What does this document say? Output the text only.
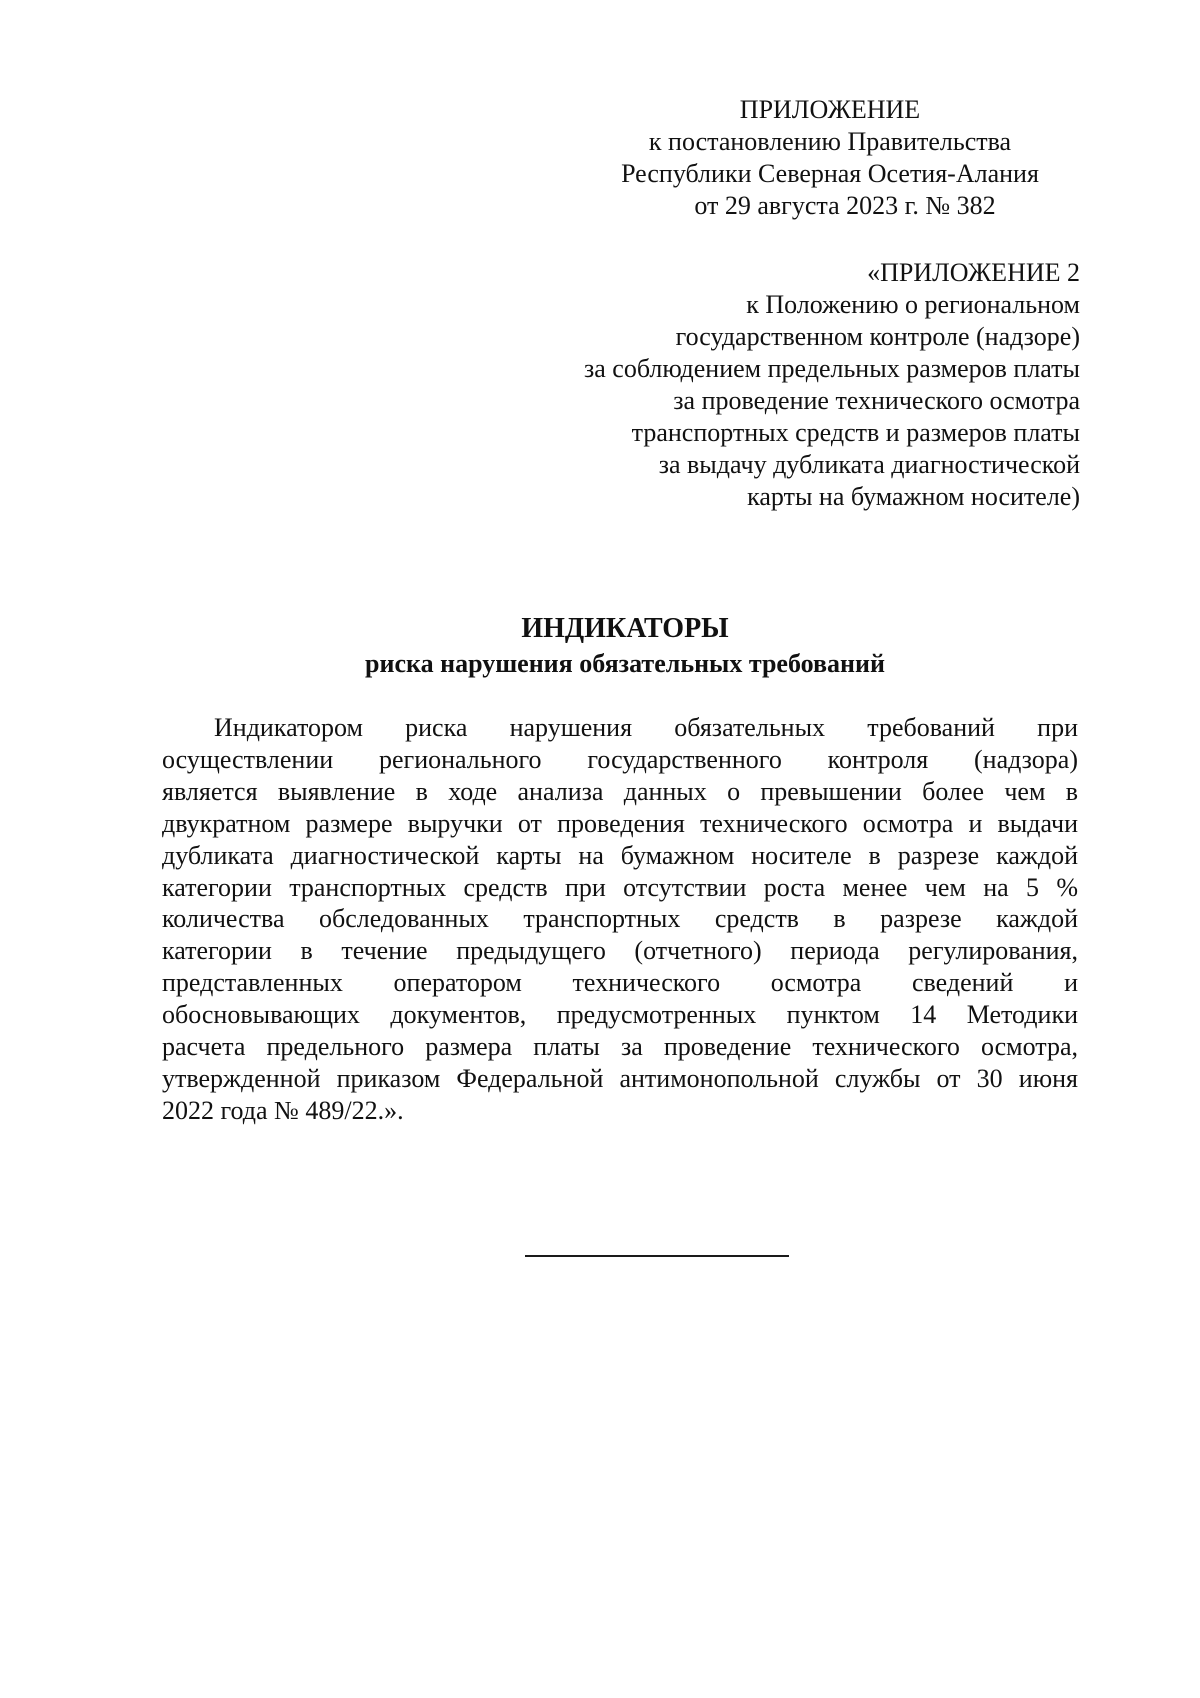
ПРИЛОЖЕНИЕ
к постановлению Правительства
Республики Северная Осетия-Алания
от 29 августа 2023 г. № 382
«ПРИЛОЖЕНИЕ 2
к Положению о региональном
государственном контроле (надзоре)
за соблюдением предельных размеров платы
за проведение технического осмотра
транспортных средств и размеров платы
за выдачу дубликата диагностической
карты на бумажном носителе)
ИНДИКАТОРЫ
риска нарушения обязательных требований
Индикатором риска нарушения обязательных требований при
осуществлении регионального государственного контроля (надзора)
является выявление в ходе анализа данных о превышении более чем в
двукратном размере выручки от проведения технического осмотра и выдачи
дубликата диагностической карты на бумажном носителе в разрезе каждой
категории транспортных средств при отсутствии роста менее чем на 5 %
количества обследованных транспортных средств в разрезе каждой
категории в течение предыдущего (отчетного) периода регулирования,
представленных оператором технического осмотра сведений и
обосновывающих документов, предусмотренных пунктом 14 Методики
расчета предельного размера платы за проведение технического осмотра,
утвержденной приказом Федеральной антимонопольной службы от 30 июня
2022 года № 489/22.».
